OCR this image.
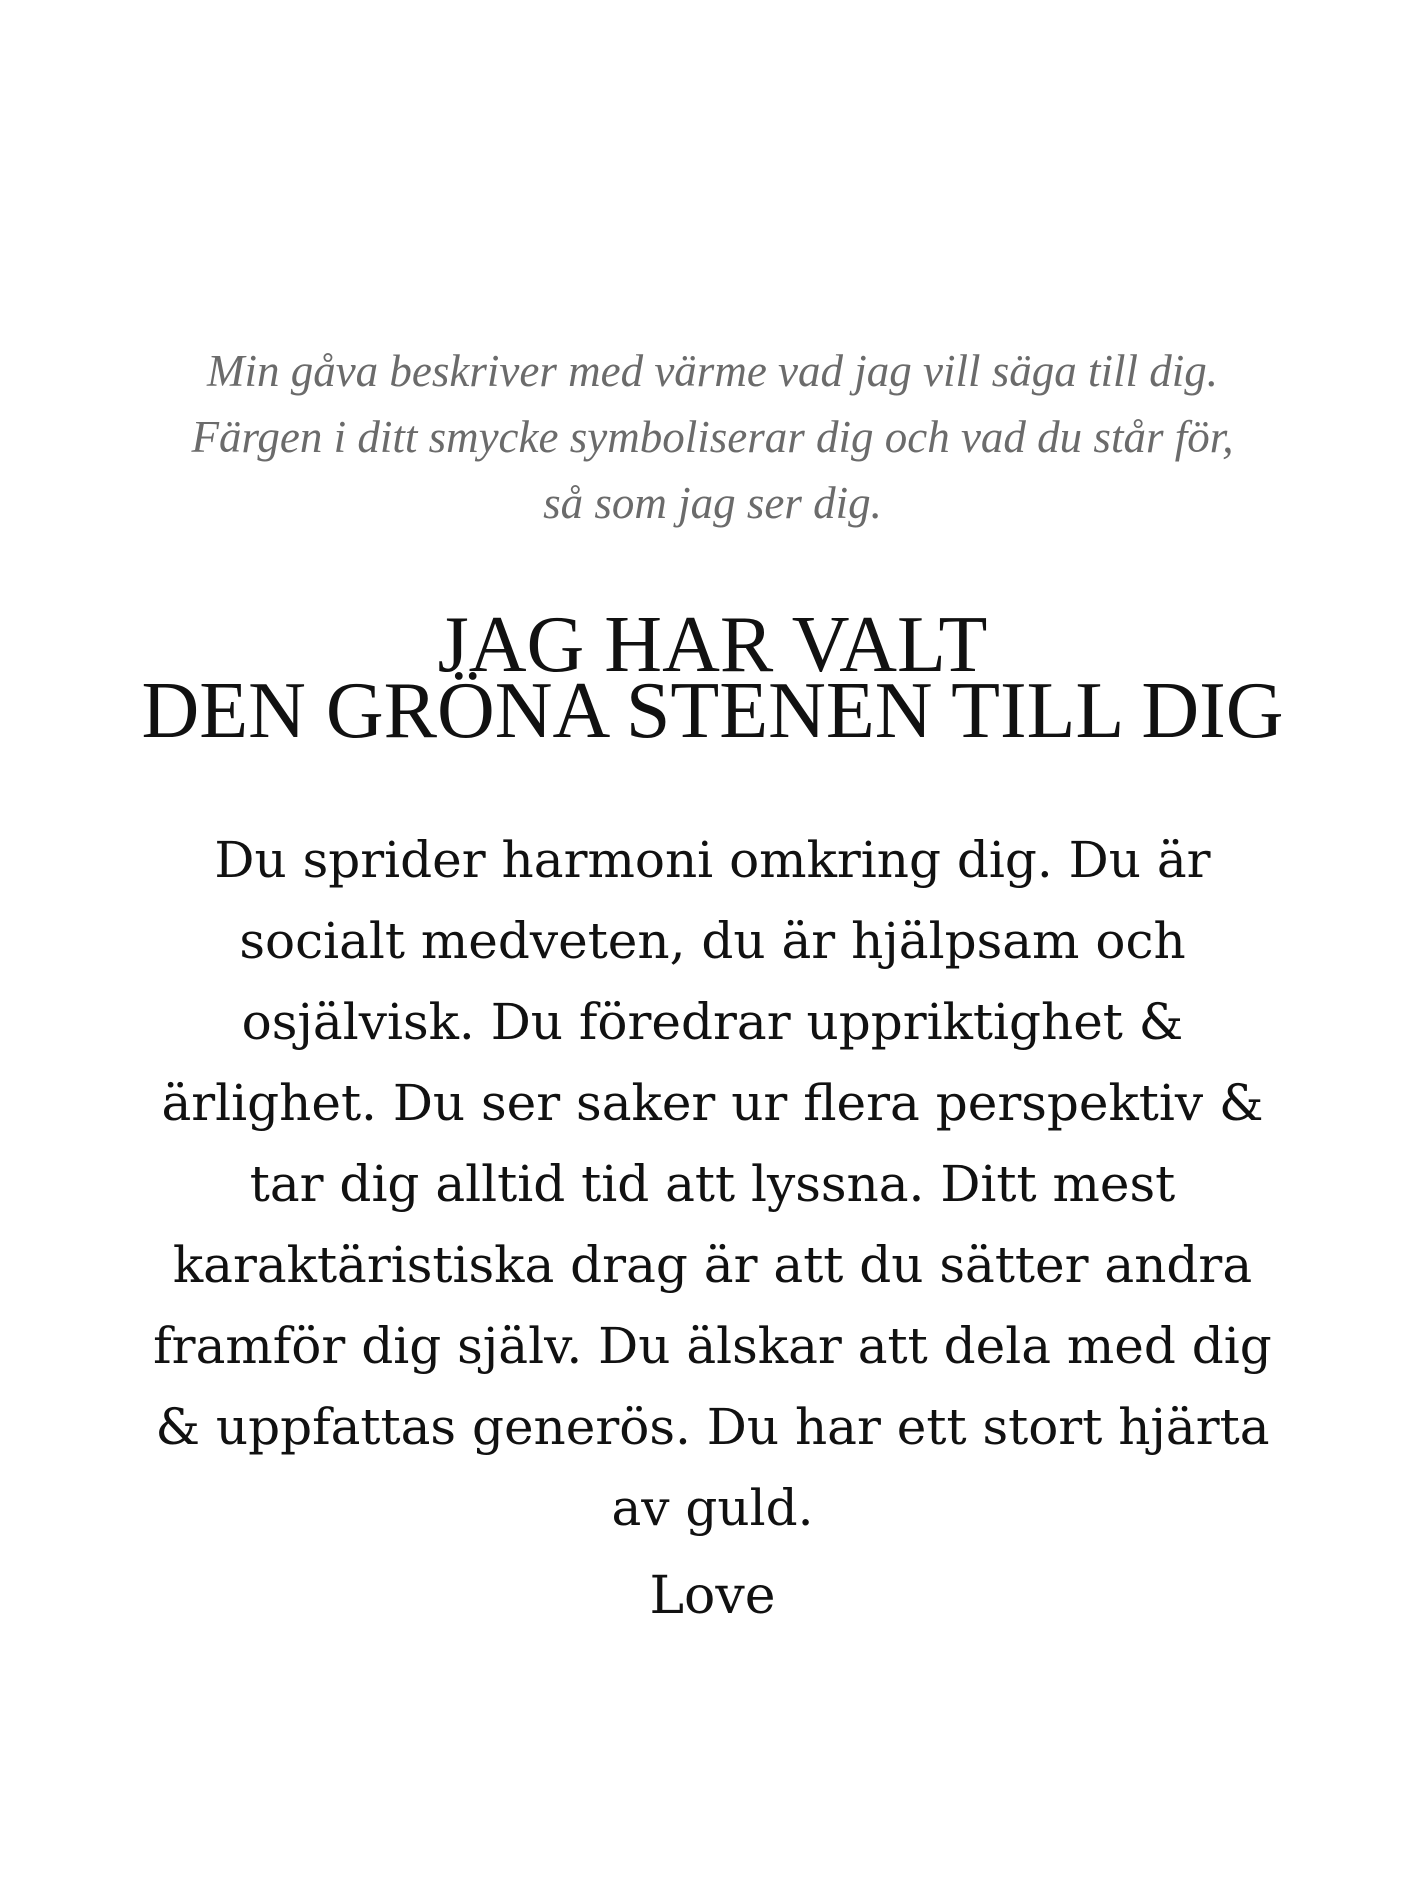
Min gåva beskriver med värme vad jag vill säga till dig.
Färgen i ditt smycke symboliserar dig och vad du står för,
så som jag ser dig.
JAG HAR VALT
DEN GRÖNA STENEN TILL DIG

Du sprider harmoni omkring dig. Du är
socialt medveten, du är hjälpsam och
osjälvisk. Du föredrar uppriktighet &
ärlighet. Du ser saker ur flera perspektiv &
tar dig alltid tid att lyssna. Ditt mest
karaktäristiska drag är att du sätter andra
framför dig själv. Du älskar att dela med dig
& uppfattas generös. Du har ett stort hjärta
av guld.

Love
